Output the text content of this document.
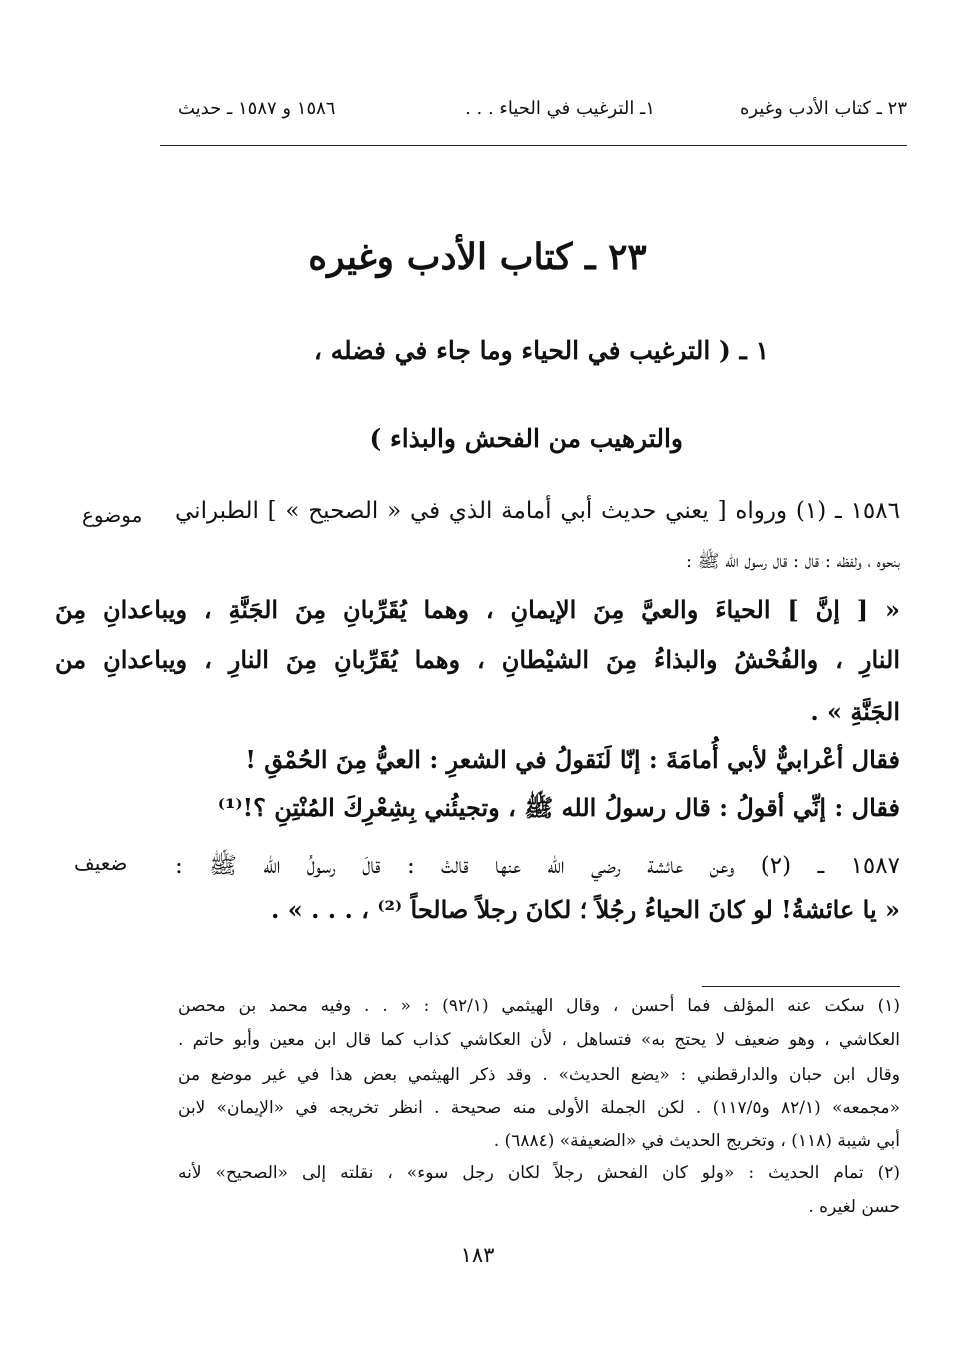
٢٣ ـ كتاب الأدب وغيره
١ـ الترغيب في الحياء . . .
١٥٨٦ و ١٥٨٧ ـ حديث
٢٣ ـ كتاب الأدب وغيره
١ ـ ( الترغيب في الحياء وما جاء في فضله ،
والترهيب من الفحش والبذاء )
موضوع
ضعيف
١٥٨٦ ـ (١) ورواه [ يعني حديث أبي أمامة الذي في « الصحيح » ] الطبراني
بنحوه ، ولفظه : قال : قال رسول الله ﷺ :
« [ إنَّ ] الحياءَ والعيَّ مِنَ الإيمانِ ، وهما يُقَرِّبانِ مِنَ الجَنَّةِ ، ويباعدانِ مِنَ
النارِ ، والفُحْشُ والبذاءُ مِنَ الشيْطانِ ، وهما يُقَرِّبانِ مِنَ النارِ ، ويباعدانِ من
الجَنَّةِ » .
فقال أعْرابيٌّ لأبي أُمامَةَ : إنّا لَنَقولُ في الشعرِ : العيُّ مِنَ الحُمْقِ !
فقال : إنِّي أقولُ : قال رسولُ الله ﷺ ، وتجيئُني بِشِعْرِكَ المُنْتِنِ ؟!⁽¹⁾
١٥٨٧ ـ (٢) وعن عائشة رضي الله عنها قالتْ : قالَ رسولُ الله ﷺ :
« يا عائشةُ! لو كانَ الحياءُ رجُلاً ؛ لكانَ رجلاً صالحاً ⁽²⁾ ، . . . » .
(١) سكت عنه المؤلف فما أحسن ، وقال الهيثمي (٩٢/١) : « . . وفيه محمد بن محصن
العكاشي ، وهو ضعيف لا يحتج به» فتساهل ، لأن العكاشي كذاب كما قال ابن معين وأبو حاتم .
وقال ابن حبان والدارقطني : «يضع الحديث» . وقد ذكر الهيثمي بعض هذا في غير موضع من
«مجمعه» (٨٢/١ و١١٧/٥) . لكن الجملة الأولى منه صحيحة . انظر تخريجه في «الإيمان» لابن
أبي شيبة (١١٨) ، وتخريج الحديث في «الضعيفة» (٦٨٨٤) .
(٢) تمام الحديث : «ولو كان الفحش رجلاً لكان رجل سوء» ، نقلته إلى «الصحيح» لأنه
حسن لغيره .
١٨٣
